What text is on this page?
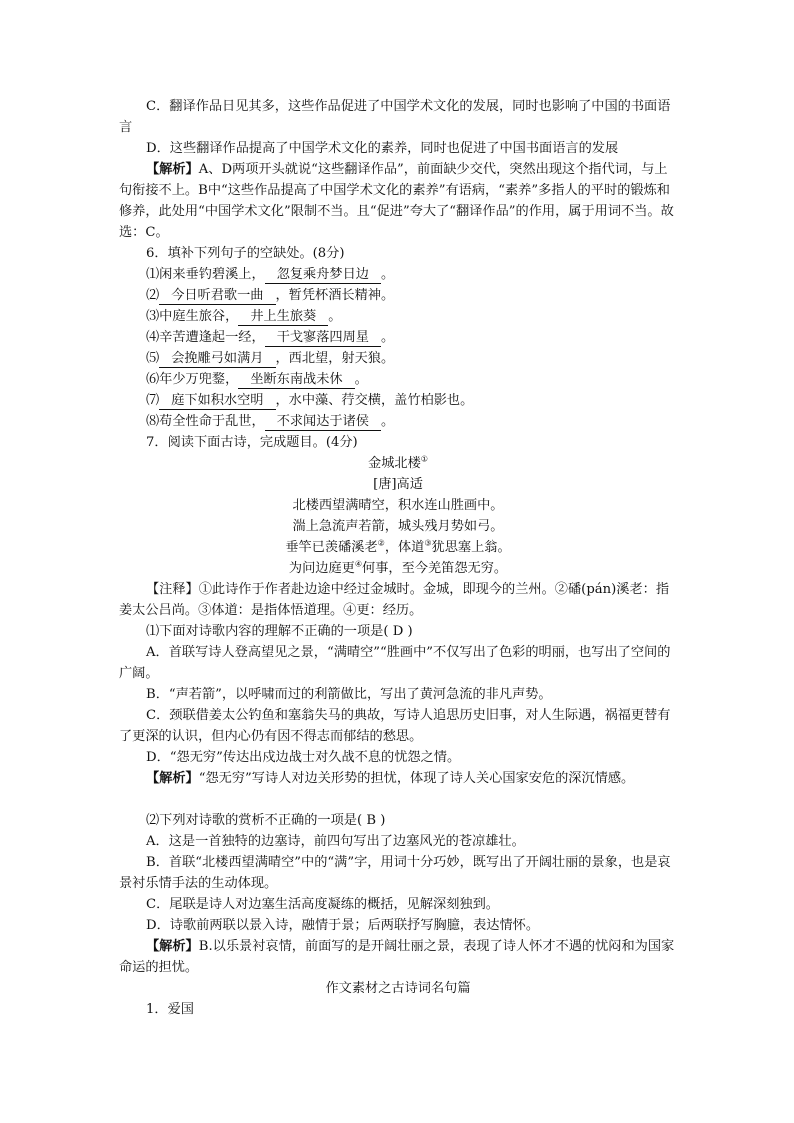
C．翻译作品日见其多，这些作品促进了中国学术文化的发展，同时也影响了中国的书面语言

D．这些翻译作品提高了中国学术文化的素养，同时也促进了中国书面语言的发展

【解析】A、D两项开头就说“这些翻译作品”，前面缺少交代，突然出现这个指代词，与上句衔接不上。B中“这些作品提高了中国学术文化的素养”有语病，“素养”多指人的平时的锻炼和修养，此处用“中国学术文化”限制不当。且“促进”夸大了“翻译作品”的作用，属于用词不当。故选：C。

6．填补下列句子的空缺处。(8分)

⑴闲来垂钓碧溪上， 忽复乘舟梦日边 。

⑵ 今日听君歌一曲 ，暂凭杯酒长精神。

⑶中庭生旅谷， 井上生旅葵 。

⑷辛苦遭逢起一经， 干戈寥落四周星 。

⑸ 会挽雕弓如满月 ，西北望，射天狼。

⑹年少万兜鍪， 坐断东南战未休 。

⑺ 庭下如积水空明 ，水中藻、荇交横，盖竹柏影也。

⑻苟全性命于乱世， 不求闻达于诸侯 。

7．阅读下面古诗，完成题目。(4分)

金城北楼①

[唐]高适

北楼西望满晴空，积水连山胜画中。

湍上急流声若箭，城头残月势如弓。

垂竿已羡磻溪老②，体道③犹思塞上翁。

为问边庭更④何事，至今羌笛怨无穷。

【注释】①此诗作于作者赴边途中经过金城时。金城，即现今的兰州。②磻(pán)溪老：指姜太公吕尚。③体道：是指体悟道理。④更：经历。

⑴下面对诗歌内容的理解不正确的一项是( D )

A．首联写诗人登高望见之景，“满晴空”“胜画中”不仅写出了色彩的明丽，也写出了空间的广阔。

B．“声若箭”，以呼啸而过的利箭做比，写出了黄河急流的非凡声势。

C．颈联借姜太公钓鱼和塞翁失马的典故，写诗人追思历史旧事，对人生际遇，祸福更替有了更深的认识，但内心仍有因不得志而郁结的愁思。

D．“怨无穷”传达出戍边战士对久战不息的忧怨之情。

【解析】“怨无穷”写诗人对边关形势的担忧，体现了诗人关心国家安危的深沉情感。

⑵下列对诗歌的赏析不正确的一项是( B )

A．这是一首独特的边塞诗，前四句写出了边塞风光的苍凉雄壮。

B．首联“北楼西望满晴空”中的“满”字，用词十分巧妙，既写出了开阔壮丽的景象，也是哀景衬乐情手法的生动体现。

C．尾联是诗人对边塞生活高度凝练的概括，见解深刻独到。

D．诗歌前两联以景入诗，融情于景；后两联抒写胸臆，表达情怀。

【解析】B.以乐景衬哀情，前面写的是开阔壮丽之景，表现了诗人怀才不遇的忧闷和为国家命运的担忧。

作文素材之古诗词名句篇

1．爱国
